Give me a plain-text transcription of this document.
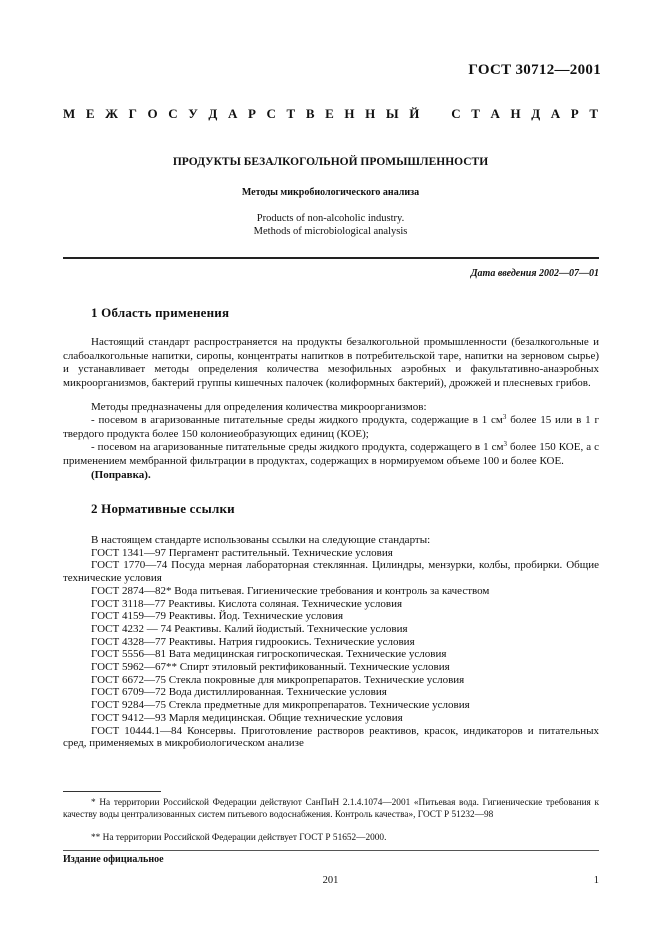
ГОСТ 30712—2001
М Е Ж Г О С У Д А Р С Т В Е Н Н Ы Й С Т А Н Д А Р Т
ПРОДУКТЫ БЕЗАЛКОГОЛЬНОЙ ПРОМЫШЛЕННОСТИ
Методы микробиологического анализа
Products of non-alcoholic industry.
Methods of microbiological analysis
Дата введения 2002—07—01
1 Область применения
Настоящий стандарт распространяется на продукты безалкогольной промышленности (безалкогольные и слабоалкогольные напитки, сиропы, концентраты напитков в потребительской таре, напитки на зерновом сырье) и устанавливает методы определения количества мезофильных аэробных и факультативно-анаэробных микроорганизмов, бактерий группы кишечных палочек (колиформных бактерий), дрожжей и плесневых грибов.
Методы предназначены для определения количества микроорганизмов:
- посевом в агаризованные питательные среды жидкого продукта, содержащие в 1 $см^3$ более 15 или в 1 г твердого продукта более 150 колониеобразующих единиц (КОЕ);
- посевом на агаризованные питательные среды жидкого продукта, содержащего в 1 $см^3$ более 150 КОЕ, а с применением мембранной фильтрации в продуктах, содержащих в нормируемом объеме 100 и более КОЕ.
(Поправка).
2 Нормативные ссылки
В настоящем стандарте использованы ссылки на следующие стандарты:
ГОСТ 1341—97 Пергамент растительный. Технические условия
ГОСТ 1770—74 Посуда мерная лабораторная стеклянная. Цилиндры, мензурки, колбы, пробирки. Общие технические условия
ГОСТ 2874—82* Вода питьевая. Гигиенические требования и контроль за качеством
ГОСТ 3118—77 Реактивы. Кислота соляная. Технические условия
ГОСТ 4159—79 Реактивы. Йод. Технические условия
ГОСТ 4232 — 74 Реактивы. Калий йодистый. Технические условия
ГОСТ 4328—77 Реактивы. Натрия гидроокись. Технические условия
ГОСТ 5556—81 Вата медицинская гигроскопическая. Технические условия
ГОСТ 5962—67** Спирт этиловый ректификованный. Технические условия
ГОСТ 6672—75 Стекла покровные для микропрепаратов. Технические условия
ГОСТ 6709—72 Вода дистиллированная. Технические условия
ГОСТ 9284—75 Стекла предметные для микропрепаратов. Технические условия
ГОСТ 9412—93 Марля медицинская. Общие технические условия
ГОСТ 10444.1—84 Консервы. Приготовление растворов реактивов, красок, индикаторов и питательных сред, применяемых в микробиологическом анализе
* На территории Российской Федерации действуют СанПиН 2.1.4.1074—2001 «Питьевая вода. Гигиенические требования к качеству воды централизованных систем питьевого водоснабжения. Контроль качества», ГОСТ Р 51232—98
** На территории Российской Федерации действует ГОСТ Р 51652—2000.
Издание официальное
201	1
